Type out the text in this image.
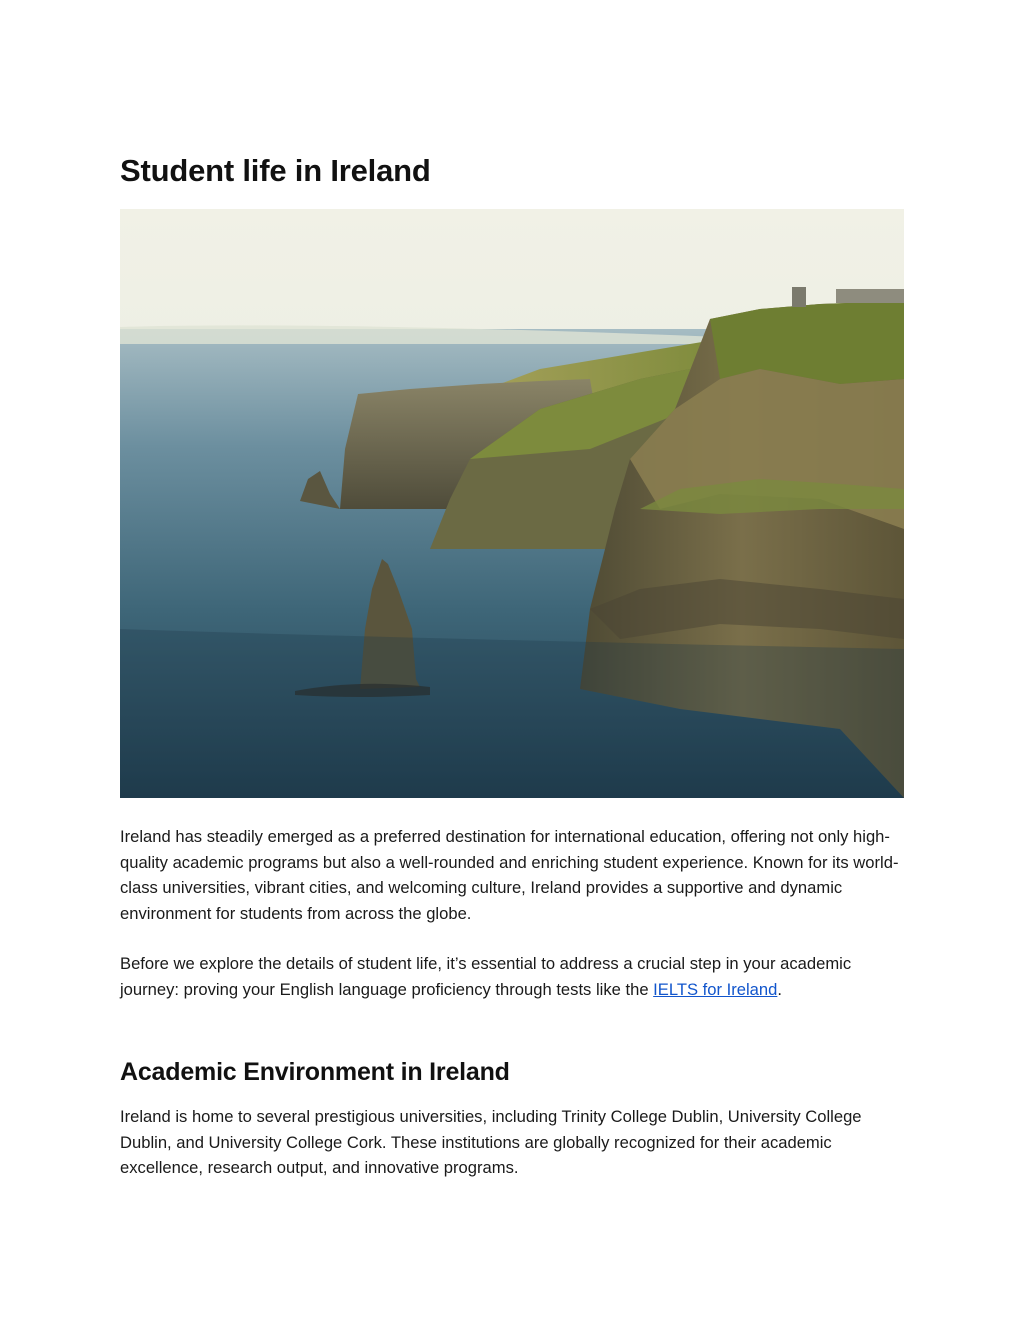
Student life in Ireland

Ireland has steadily emerged as a preferred destination for international education, offering not only high-quality academic programs but also a well-rounded and enriching student experience. Known for its world-class universities, vibrant cities, and welcoming culture, Ireland provides a supportive and dynamic environment for students from across the globe.

Before we explore the details of student life, it’s essential to address a crucial step in your academic journey: proving your English language proficiency through tests like the IELTS for Ireland.

Academic Environment in Ireland

Ireland is home to several prestigious universities, including Trinity College Dublin, University College Dublin, and University College Cork. These institutions are globally recognized for their academic excellence, research output, and innovative programs.
